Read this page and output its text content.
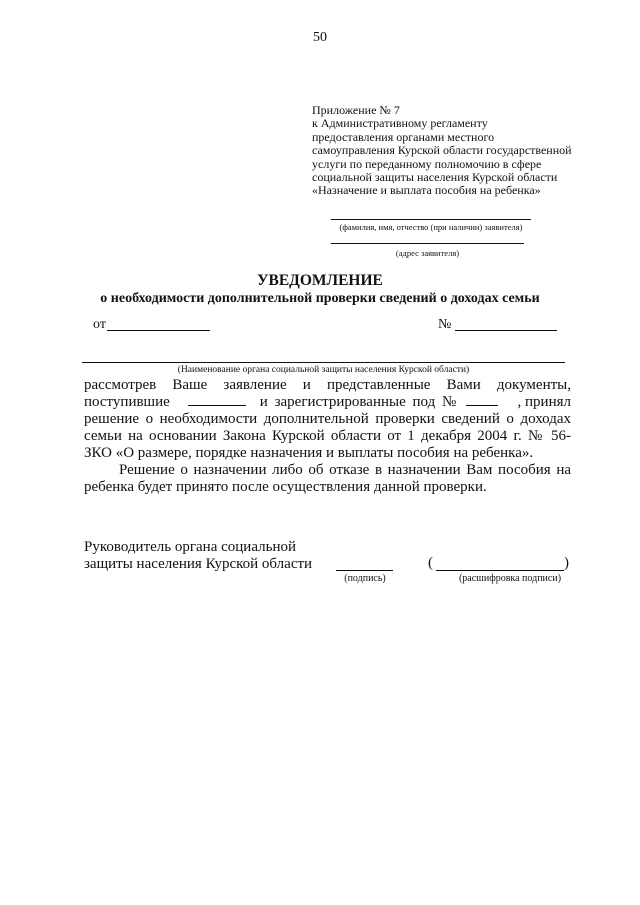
50
Приложение № 7
к Административному регламенту
предоставления органами местного
самоуправления Курской области государственной
услуги по переданному полномочию в сфере
социальной защиты населения Курской области
«Назначение и выплата пособия на ребенка»
(фамилия, имя, отчество (при наличии) заявителя)
(адрес заявителя)
УВЕДОМЛЕНИЕ
о необходимости дополнительной проверки сведений о доходах семьи
от	№
(Наименование органа социальной защиты населения Курской области)
рассмотрев Ваше заявление и представленные Вами документы,
поступившие	и зарегистрированные под №	, принял
решение о необходимости дополнительной проверки сведений о доходах
семьи на основании Закона Курской области от 1 декабря 2004 г. № 56-
ЗКО «О размере, порядке назначения и выплаты пособия на ребенка».
Решение о назначении либо об отказе в назначении Вам пособия на
ребенка будет принято после осуществления данной проверки.
Руководитель органа социальной
защиты населения Курской области
(подпись)
(	)
(расшифровка подписи)
